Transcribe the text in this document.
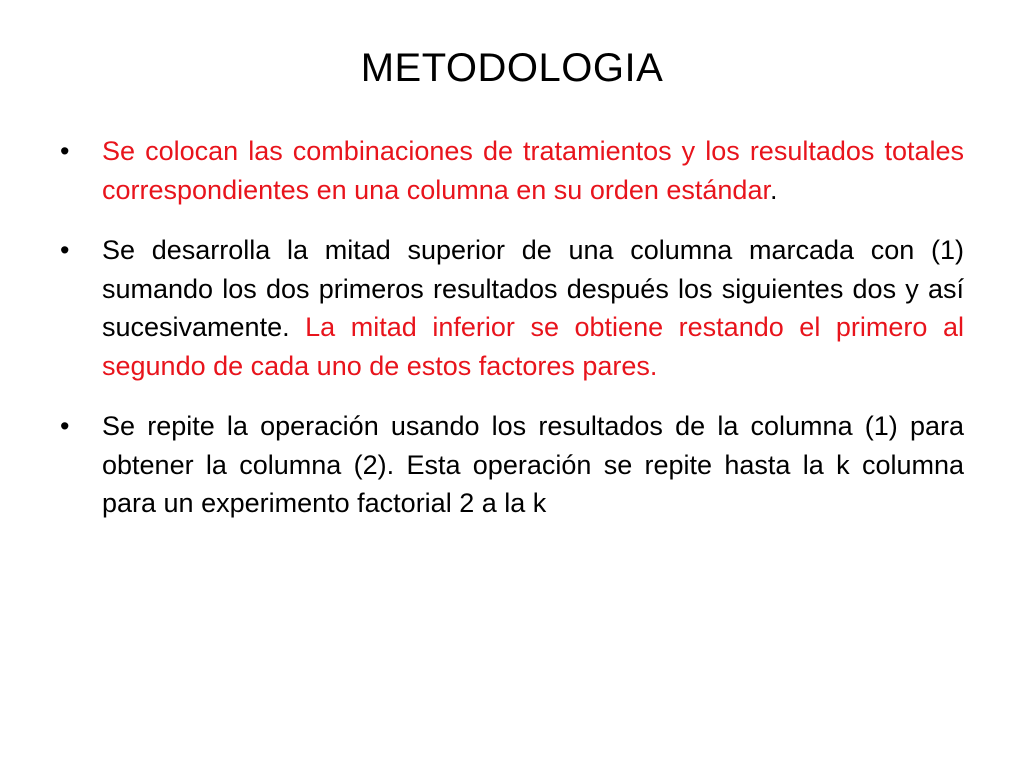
METODOLOGIA
• Se colocan las combinaciones de tratamientos y los resultados totales correspondientes en una columna en su orden estándar.
• Se desarrolla la mitad superior de una columna marcada con (1) sumando los dos primeros resultados después los siguientes dos y así sucesivamente. La mitad inferior se obtiene restando el primero al segundo de cada uno de estos factores pares.
• Se repite la operación usando los resultados de la columna (1) para obtener la columna (2). Esta operación se repite hasta la k columna para un experimento factorial 2 a la k
